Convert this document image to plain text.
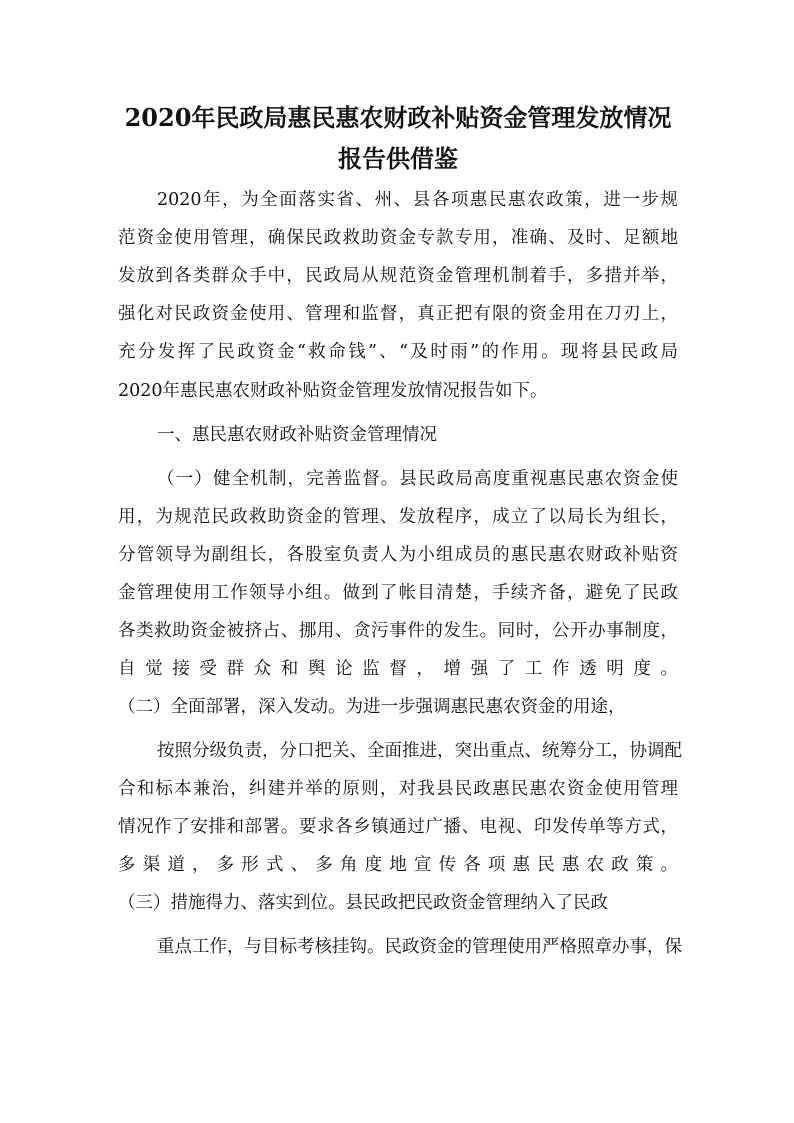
2020年民政局惠民惠农财政补贴资金管理发放情况
报告供借鉴

2020年，为全面落实省、州、县各项惠民惠农政策，进一步规

范资金使用管理，确保民政救助资金专款专用，准确、及时、足额地

发放到各类群众手中，民政局从规范资金管理机制着手，多措并举，

强化对民政资金使用、管理和监督，真正把有限的资金用在刀刃上，

充分发挥了民政资金“救命钱”、“及时雨”的作用。现将县民政局

2020年惠民惠农财政补贴资金管理发放情况报告如下。

一、惠民惠农财政补贴资金管理情况

（一）健全机制，完善监督。县民政局高度重视惠民惠农资金使

用，为规范民政救助资金的管理、发放程序，成立了以局长为组长，

分管领导为副组长，各股室负责人为小组成员的惠民惠农财政补贴资

金管理使用工作领导小组。做到了帐目清楚，手续齐备，避免了民政

各类救助资金被挤占、挪用、贪污事件的发生。同时，公开办事制度，

自觉接受群众和舆论监督，增强了工作透明度。

（二）全面部署，深入发动。为进一步强调惠民惠农资金的用途，

按照分级负责，分口把关、全面推进，突出重点、统筹分工，协调配

合和标本兼治，纠建并举的原则，对我县民政惠民惠农资金使用管理

情况作了安排和部署。要求各乡镇通过广播、电视、印发传单等方式，

多渠道，多形式、多角度地宣传各项惠民惠农政策。

（三）措施得力、落实到位。县民政把民政资金管理纳入了民政

重点工作，与目标考核挂钩。民政资金的管理使用严格照章办事，保
